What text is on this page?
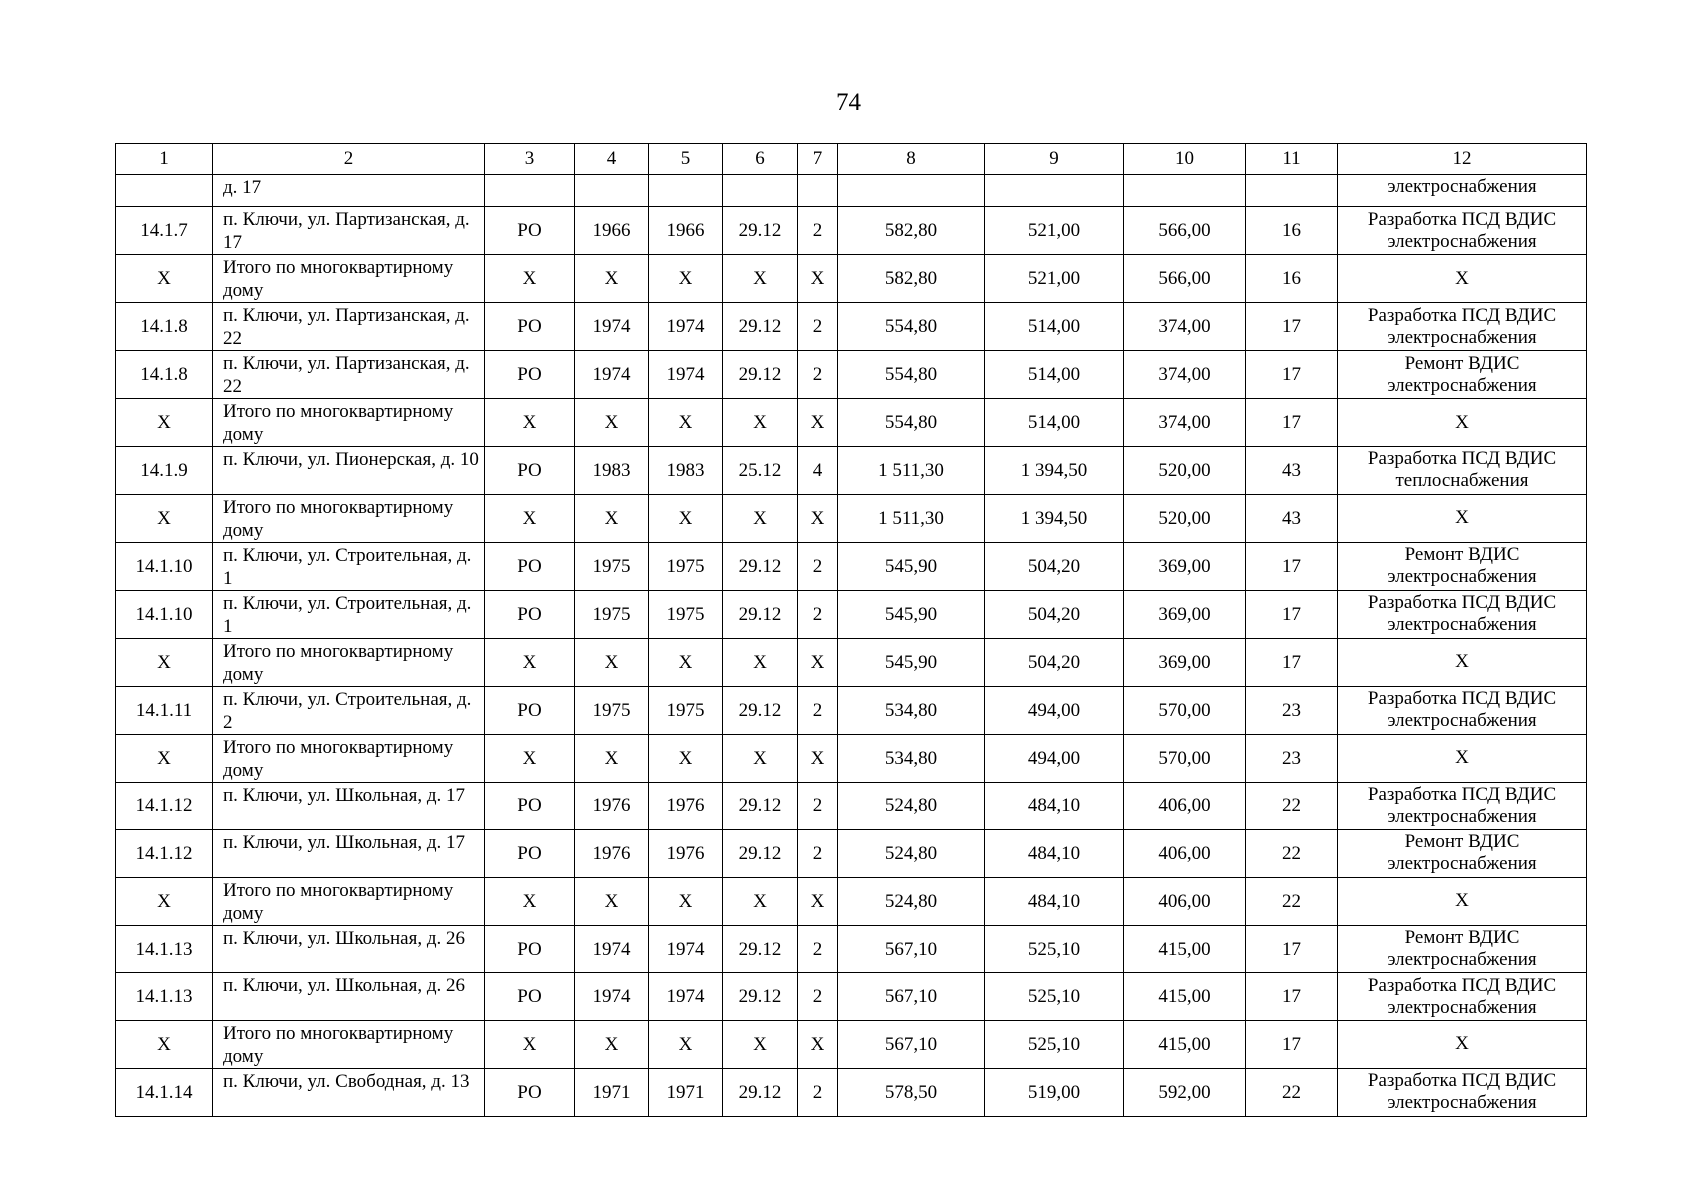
74
1	2	3	4	5	6	7	8	9	10	11	12
	д. 17										электроснабжения
14.1.7	п. Ключи, ул. Партизанская, д. 17	РО	1966	1966	29.12	2	582,80	521,00	566,00	16	Разработка ПСД ВДИС электроснабжения
Х	Итого по многоквартирному дому	Х	Х	Х	Х	Х	582,80	521,00	566,00	16	Х
14.1.8	п. Ключи, ул. Партизанская, д. 22	РО	1974	1974	29.12	2	554,80	514,00	374,00	17	Разработка ПСД ВДИС электроснабжения
14.1.8	п. Ключи, ул. Партизанская, д. 22	РО	1974	1974	29.12	2	554,80	514,00	374,00	17	Ремонт ВДИС электроснабжения
Х	Итого по многоквартирному дому	Х	Х	Х	Х	Х	554,80	514,00	374,00	17	Х
14.1.9	п. Ключи, ул. Пионерская, д. 10	РО	1983	1983	25.12	4	1 511,30	1 394,50	520,00	43	Разработка ПСД ВДИС теплоснабжения
Х	Итого по многоквартирному дому	Х	Х	Х	Х	Х	1 511,30	1 394,50	520,00	43	Х
14.1.10	п. Ключи, ул. Строительная, д. 1	РО	1975	1975	29.12	2	545,90	504,20	369,00	17	Ремонт ВДИС электроснабжения
14.1.10	п. Ключи, ул. Строительная, д. 1	РО	1975	1975	29.12	2	545,90	504,20	369,00	17	Разработка ПСД ВДИС электроснабжения
Х	Итого по многоквартирному дому	Х	Х	Х	Х	Х	545,90	504,20	369,00	17	Х
14.1.11	п. Ключи, ул. Строительная, д. 2	РО	1975	1975	29.12	2	534,80	494,00	570,00	23	Разработка ПСД ВДИС электроснабжения
Х	Итого по многоквартирному дому	Х	Х	Х	Х	Х	534,80	494,00	570,00	23	Х
14.1.12	п. Ключи, ул. Школьная, д. 17	РО	1976	1976	29.12	2	524,80	484,10	406,00	22	Разработка ПСД ВДИС электроснабжения
14.1.12	п. Ключи, ул. Школьная, д. 17	РО	1976	1976	29.12	2	524,80	484,10	406,00	22	Ремонт ВДИС электроснабжения
Х	Итого по многоквартирному дому	Х	Х	Х	Х	Х	524,80	484,10	406,00	22	Х
14.1.13	п. Ключи, ул. Школьная, д. 26	РО	1974	1974	29.12	2	567,10	525,10	415,00	17	Ремонт ВДИС электроснабжения
14.1.13	п. Ключи, ул. Школьная, д. 26	РО	1974	1974	29.12	2	567,10	525,10	415,00	17	Разработка ПСД ВДИС электроснабжения
Х	Итого по многоквартирному дому	Х	Х	Х	Х	Х	567,10	525,10	415,00	17	Х
14.1.14	п. Ключи, ул. Свободная, д. 13	РО	1971	1971	29.12	2	578,50	519,00	592,00	22	Разработка ПСД ВДИС электроснабжения
